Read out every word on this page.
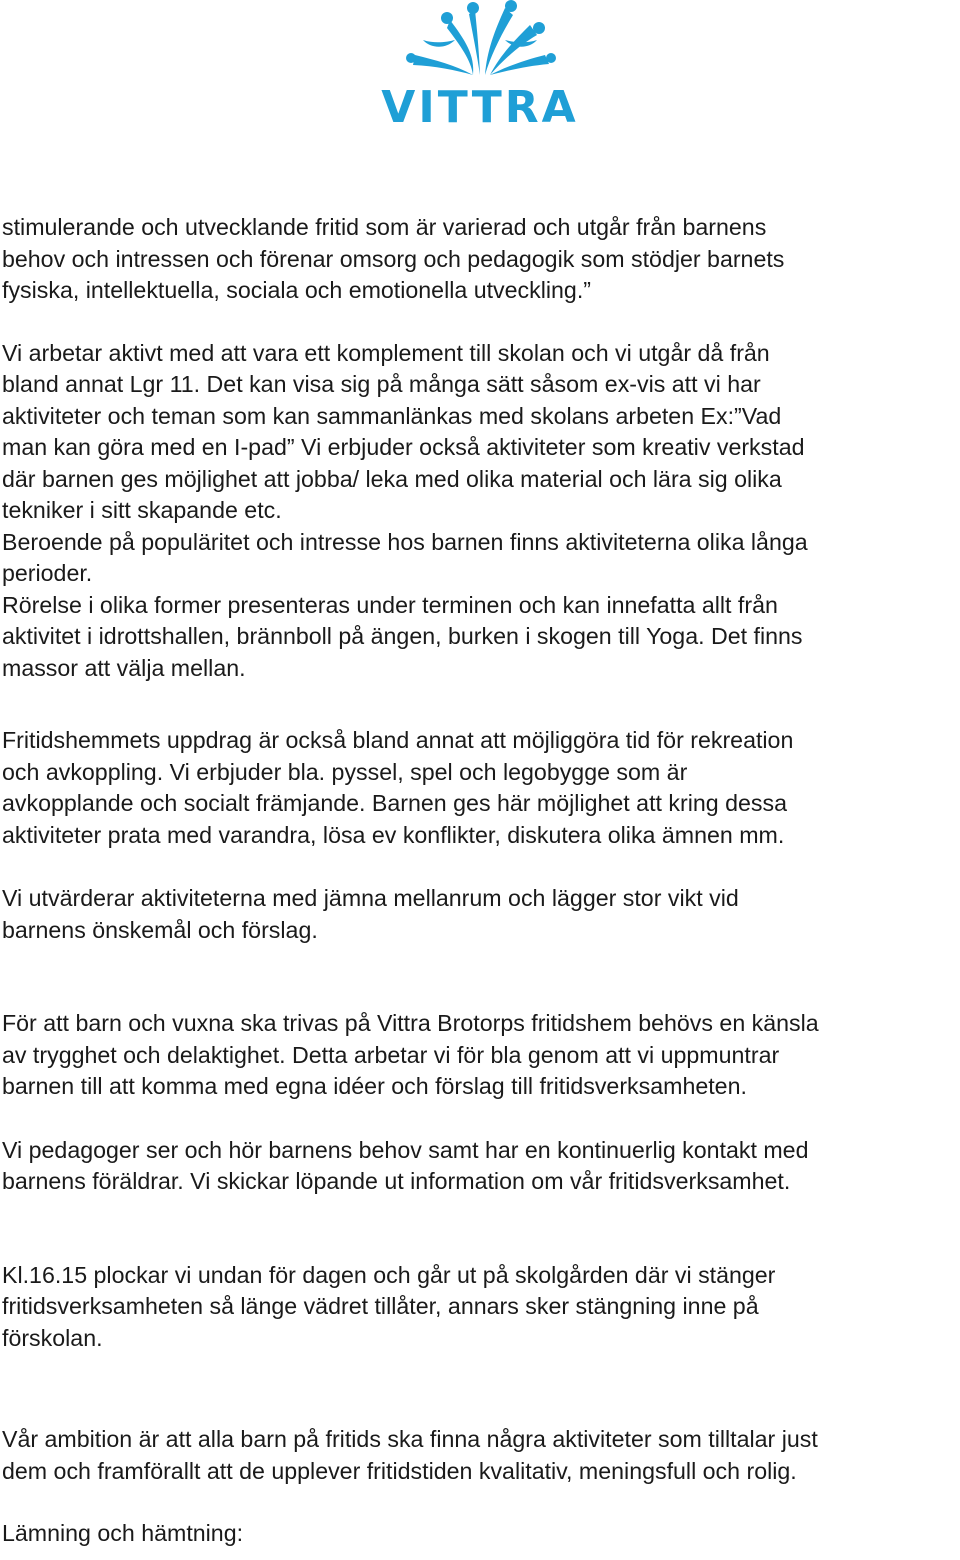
VITTRA

stimulerande och utvecklande fritid som är varierad och utgår från barnens

behov och intressen och förenar omsorg och pedagogik som stödjer barnets

fysiska, intellektuella, sociala och emotionella utveckling.”

Vi arbetar aktivt med att vara ett komplement till skolan och vi utgår då från

bland annat Lgr 11. Det kan visa sig på många sätt såsom ex-vis att vi har

aktiviteter och teman som kan sammanlänkas med skolans arbeten Ex:”Vad

man kan göra med en I-pad” Vi erbjuder också aktiviteter som kreativ verkstad

där barnen ges möjlighet att jobba/ leka med olika material och lära sig olika

tekniker i sitt skapande etc.

Beroende på populäritet och intresse hos barnen finns aktiviteterna olika långa

perioder.

Rörelse i olika former presenteras under terminen och kan innefatta allt från

aktivitet i idrottshallen, brännboll på ängen, burken i skogen till Yoga. Det finns

massor att välja mellan.

Fritidshemmets uppdrag är också bland annat att möjliggöra tid för rekreation

och avkoppling. Vi erbjuder bla. pyssel, spel och legobygge som är

avkopplande och socialt främjande. Barnen ges här möjlighet att kring dessa

aktiviteter prata med varandra, lösa ev konflikter, diskutera olika ämnen mm.

Vi utvärderar aktiviteterna med jämna mellanrum och lägger stor vikt vid

barnens önskemål och förslag.

För att barn och vuxna ska trivas på Vittra Brotorps fritidshem behövs en känsla

av trygghet och delaktighet. Detta arbetar vi för bla genom att vi uppmuntrar

barnen till att komma med egna idéer och förslag till fritidsverksamheten.

Vi pedagoger ser och hör barnens behov samt har en kontinuerlig kontakt med

barnens föräldrar. Vi skickar löpande ut information om vår fritidsverksamhet.

Kl.16.15 plockar vi undan för dagen och går ut på skolgården där vi stänger

fritidsverksamheten så länge vädret tillåter, annars sker stängning inne på

förskolan.

Vår ambition är att alla barn på fritids ska finna några aktiviteter som tilltalar just

dem och framförallt att de upplever fritidstiden kvalitativ, meningsfull och rolig.

Lämning och hämtning:
